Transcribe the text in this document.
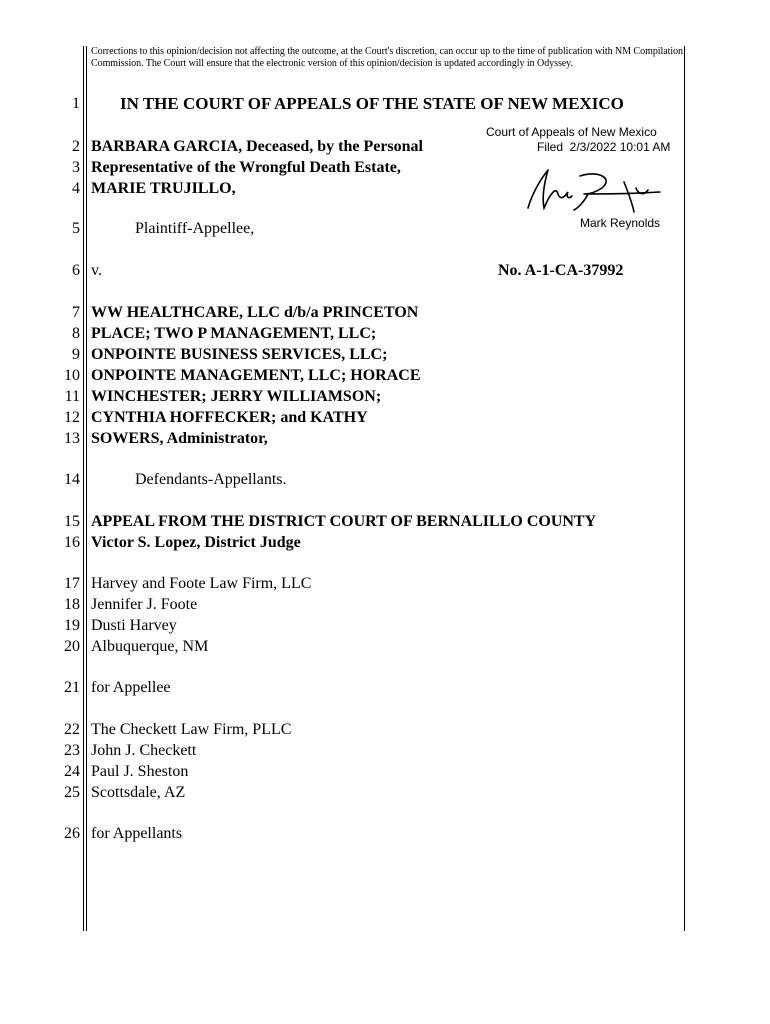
Corrections to this opinion/decision not affecting the outcome, at the Court's discretion, can occur up to the time of publication with NM Compilation Commission. The Court will ensure that the electronic version of this opinion/decision is updated accordingly in Odyssey.
1
2
3
4
5
6
7
8
9
10
11
12
13
14
15
16
17
18
19
20
21
22
23
24
25
26
IN THE COURT OF APPEALS OF THE STATE OF NEW MEXICO
BARBARA GARCIA, Deceased, by the Personal
Representative of the Wrongful Death Estate,
MARIE TRUJILLO,
Plaintiff-Appellee,
v.	No. A-1-CA-37992
WW HEALTHCARE, LLC d/b/a PRINCETON
PLACE; TWO P MANAGEMENT, LLC;
ONPOINTE BUSINESS SERVICES, LLC;
ONPOINTE MANAGEMENT, LLC; HORACE
WINCHESTER; JERRY WILLIAMSON;
CYNTHIA HOFFECKER; and KATHY
SOWERS, Administrator,
Defendants-Appellants.
APPEAL FROM THE DISTRICT COURT OF BERNALILLO COUNTY
Victor S. Lopez, District Judge
Harvey and Foote Law Firm, LLC
Jennifer J. Foote
Dusti Harvey
Albuquerque, NM
for Appellee
The Checkett Law Firm, PLLC
John J. Checkett
Paul J. Sheston
Scottsdale, AZ
for Appellants
Court of Appeals of New Mexico
Filed  2/3/2022 10:01 AM
Mark Reynolds
